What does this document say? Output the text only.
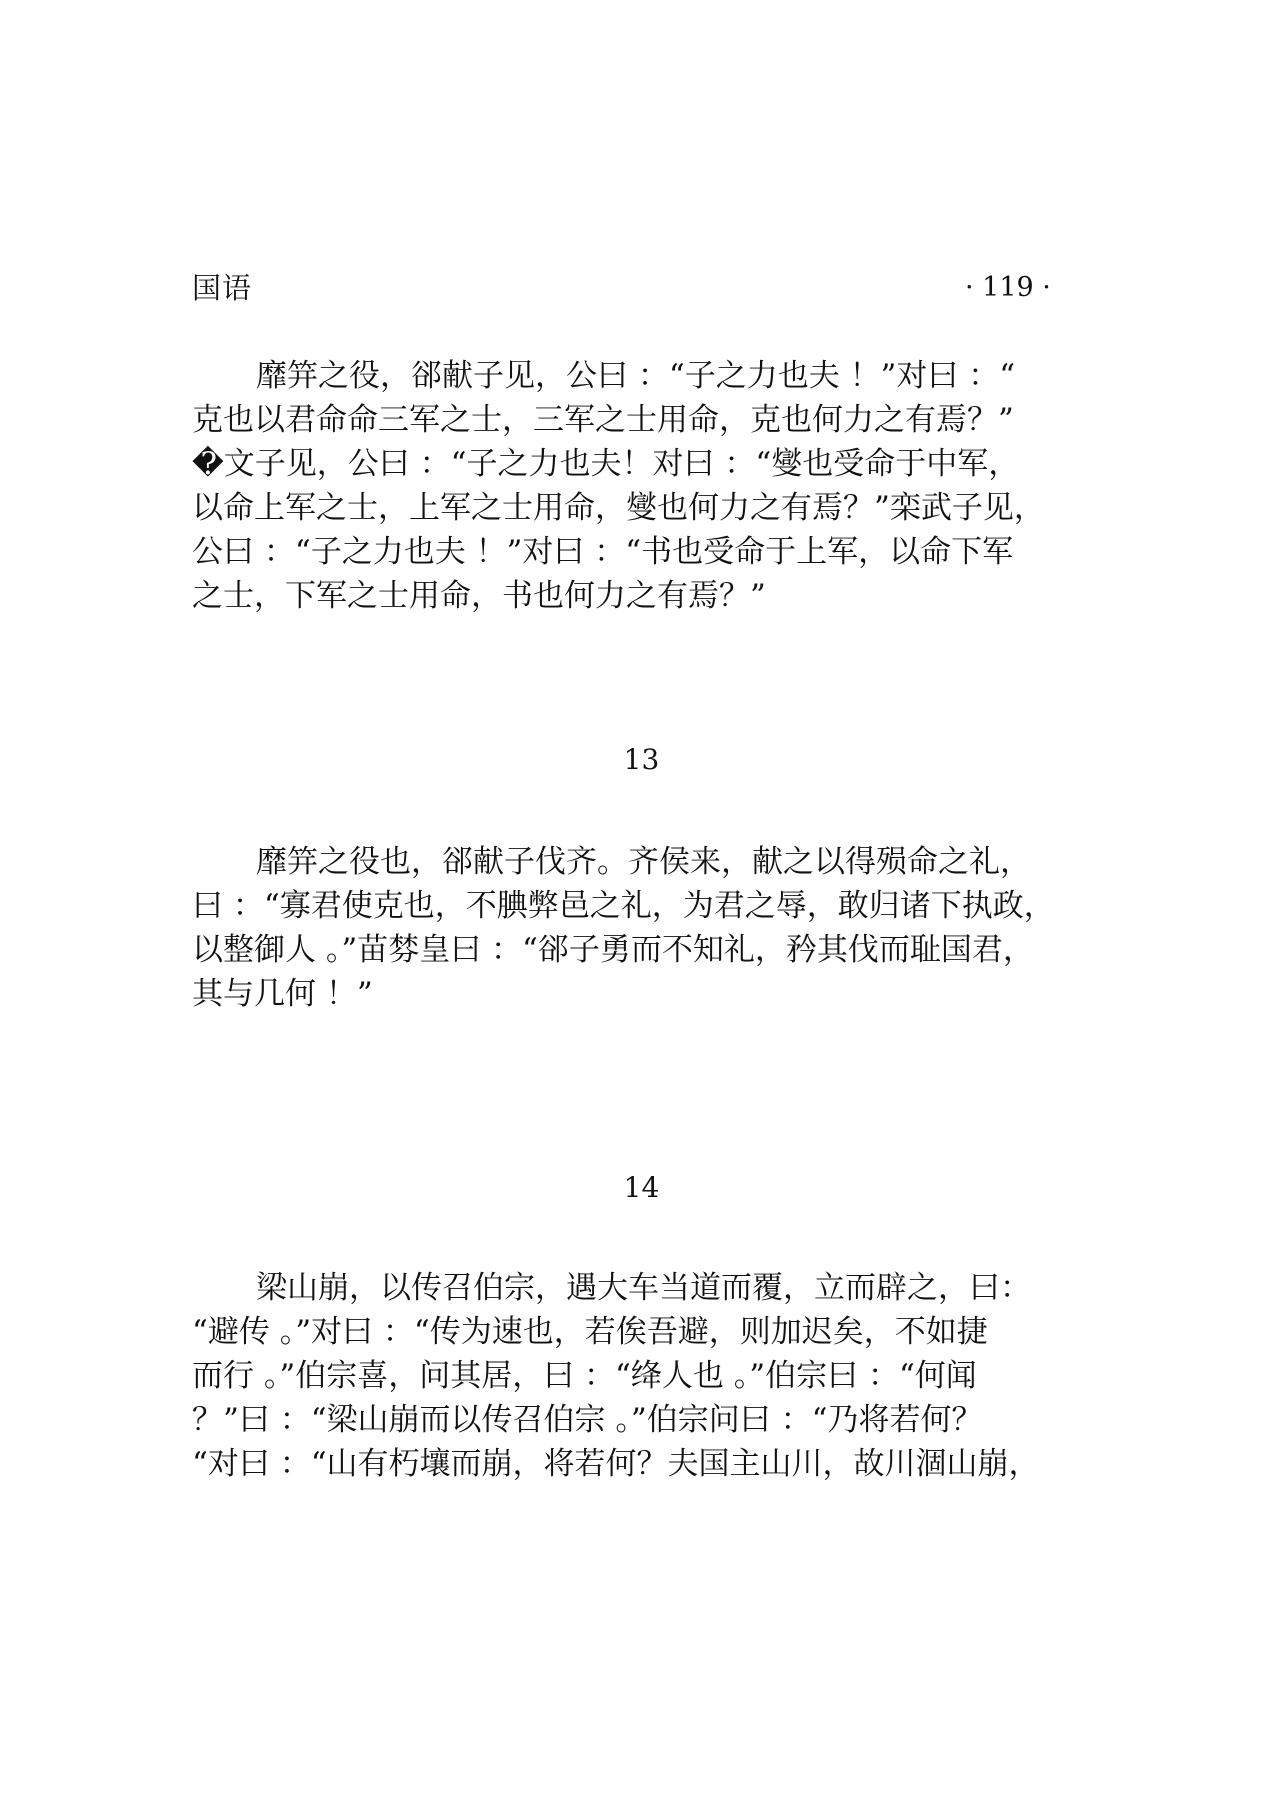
国语	· 119 ·

靡笄之役，郤献子见，公曰 ：“子之力也夫 ！”对曰 ：“
克也以君命命三军之士，三军之士用命，克也何力之有焉？”
�文子见，公曰 ：“子之力也夫！对曰 ：“燮也受命于中军，
以命上军之士，上军之士用命，燮也何力之有焉？”栾武子见，
公曰 ：“子之力也夫 ！”对曰 ：“书也受命于上军，以命下军
之士，下军之士用命，书也何力之有焉？”

13

靡笄之役也，郤献子伐齐。齐侯来，献之以得殒命之礼，
曰 ：“寡君使克也，不腆弊邑之礼，为君之辱，敢归诸下执政，
以整御人 。”苗棼皇曰 ：“郤子勇而不知礼，矜其伐而耻国君，
其与几何 ！”

14

梁山崩，以传召伯宗，遇大车当道而覆，立而辟之，曰：
“避传 。”对曰 ：“传为速也，若俟吾避，则加迟矣，不如捷
而行 。”伯宗喜，问其居，曰 ：“绛人也 。”伯宗曰 ：“何闻
？”曰 ：“梁山崩而以传召伯宗 。”伯宗问曰 ：“乃将若何？
“对曰 ：“山有朽壤而崩，将若何？夫国主山川，故川涸山崩，
